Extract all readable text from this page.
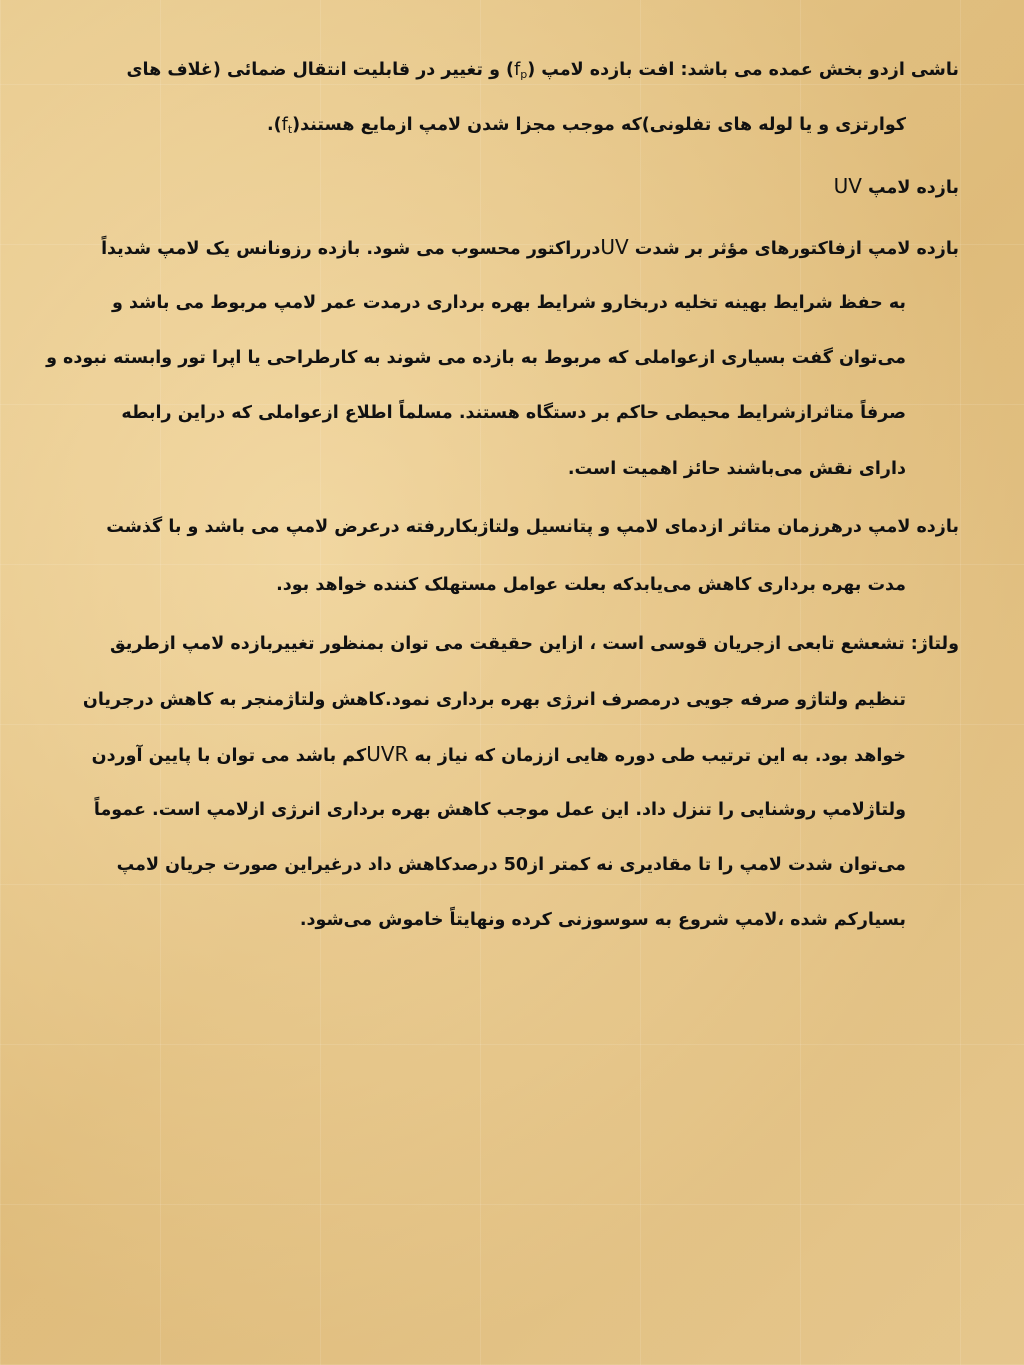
ناشی ازدو بخش عمده می باشد: افت بازده لامپ $(f_p)$ و تغییر در قابلیت انتقال ضمائی (غلاف های
کوارتزی و یا لوله های تفلونی)که موجب مجزا شدن لامپ ازمایع $هستند(f_t)$.
بازده لامپ UV
بازده لامپ ازفاکتورهای مؤثر بر شدت UVدرراکتور محسوب می شود. بازده رزونانس یک لامپ شدیداً
به حفظ شرایط بهینه تخلیه دربخارو شرایط بهره برداری درمدت عمر لامپ مربوط می باشد و
می‌توان گفت بسیاری ازعواملی که مربوط به بازده می شوند به کارطراحی یا اپرا تور وابسته نبوده و
صرفاً متاثرازشرایط محیطی حاکم بر دستگاه هستند. مسلماً اطلاع ازعواملی که دراین رابطه
دارای نقش می‌باشند حائز اهمیت است.
بازده لامپ درهرزمان متاثر ازدمای لامپ و پتانسیل ولتاژبکاررفته درعرض لامپ می باشد و با گذشت
مدت بهره برداری کاهش می‌یابدکه بعلت عوامل مستهلک کننده خواهد بود.
ولتاژ: تشعشع تابعی ازجریان قوسی است ، ازاین حقیقت می توان بمنظور تغییربازده لامپ ازطریق
تنظیم ولتاژو صرفه جویی درمصرف انرژی بهره برداری نمود.کاهش ولتاژمنجر به کاهش درجریان
خواهد بود. به این ترتیب طی دوره هایی اززمان که نیاز به UVRکم باشد می توان با پایین آوردن
ولتاژلامپ روشنایی را تنزل داد. این عمل موجب کاهش بهره برداری انرژی ازلامپ است. عموماً
می‌توان شدت لامپ را تا مقادیری نه کمتر از50 درصدکاهش داد درغیراین صورت جریان لامپ
بسیارکم شده ،لامپ شروع به سوسوزنی کرده ونهایتاً خاموش می‌شود.
